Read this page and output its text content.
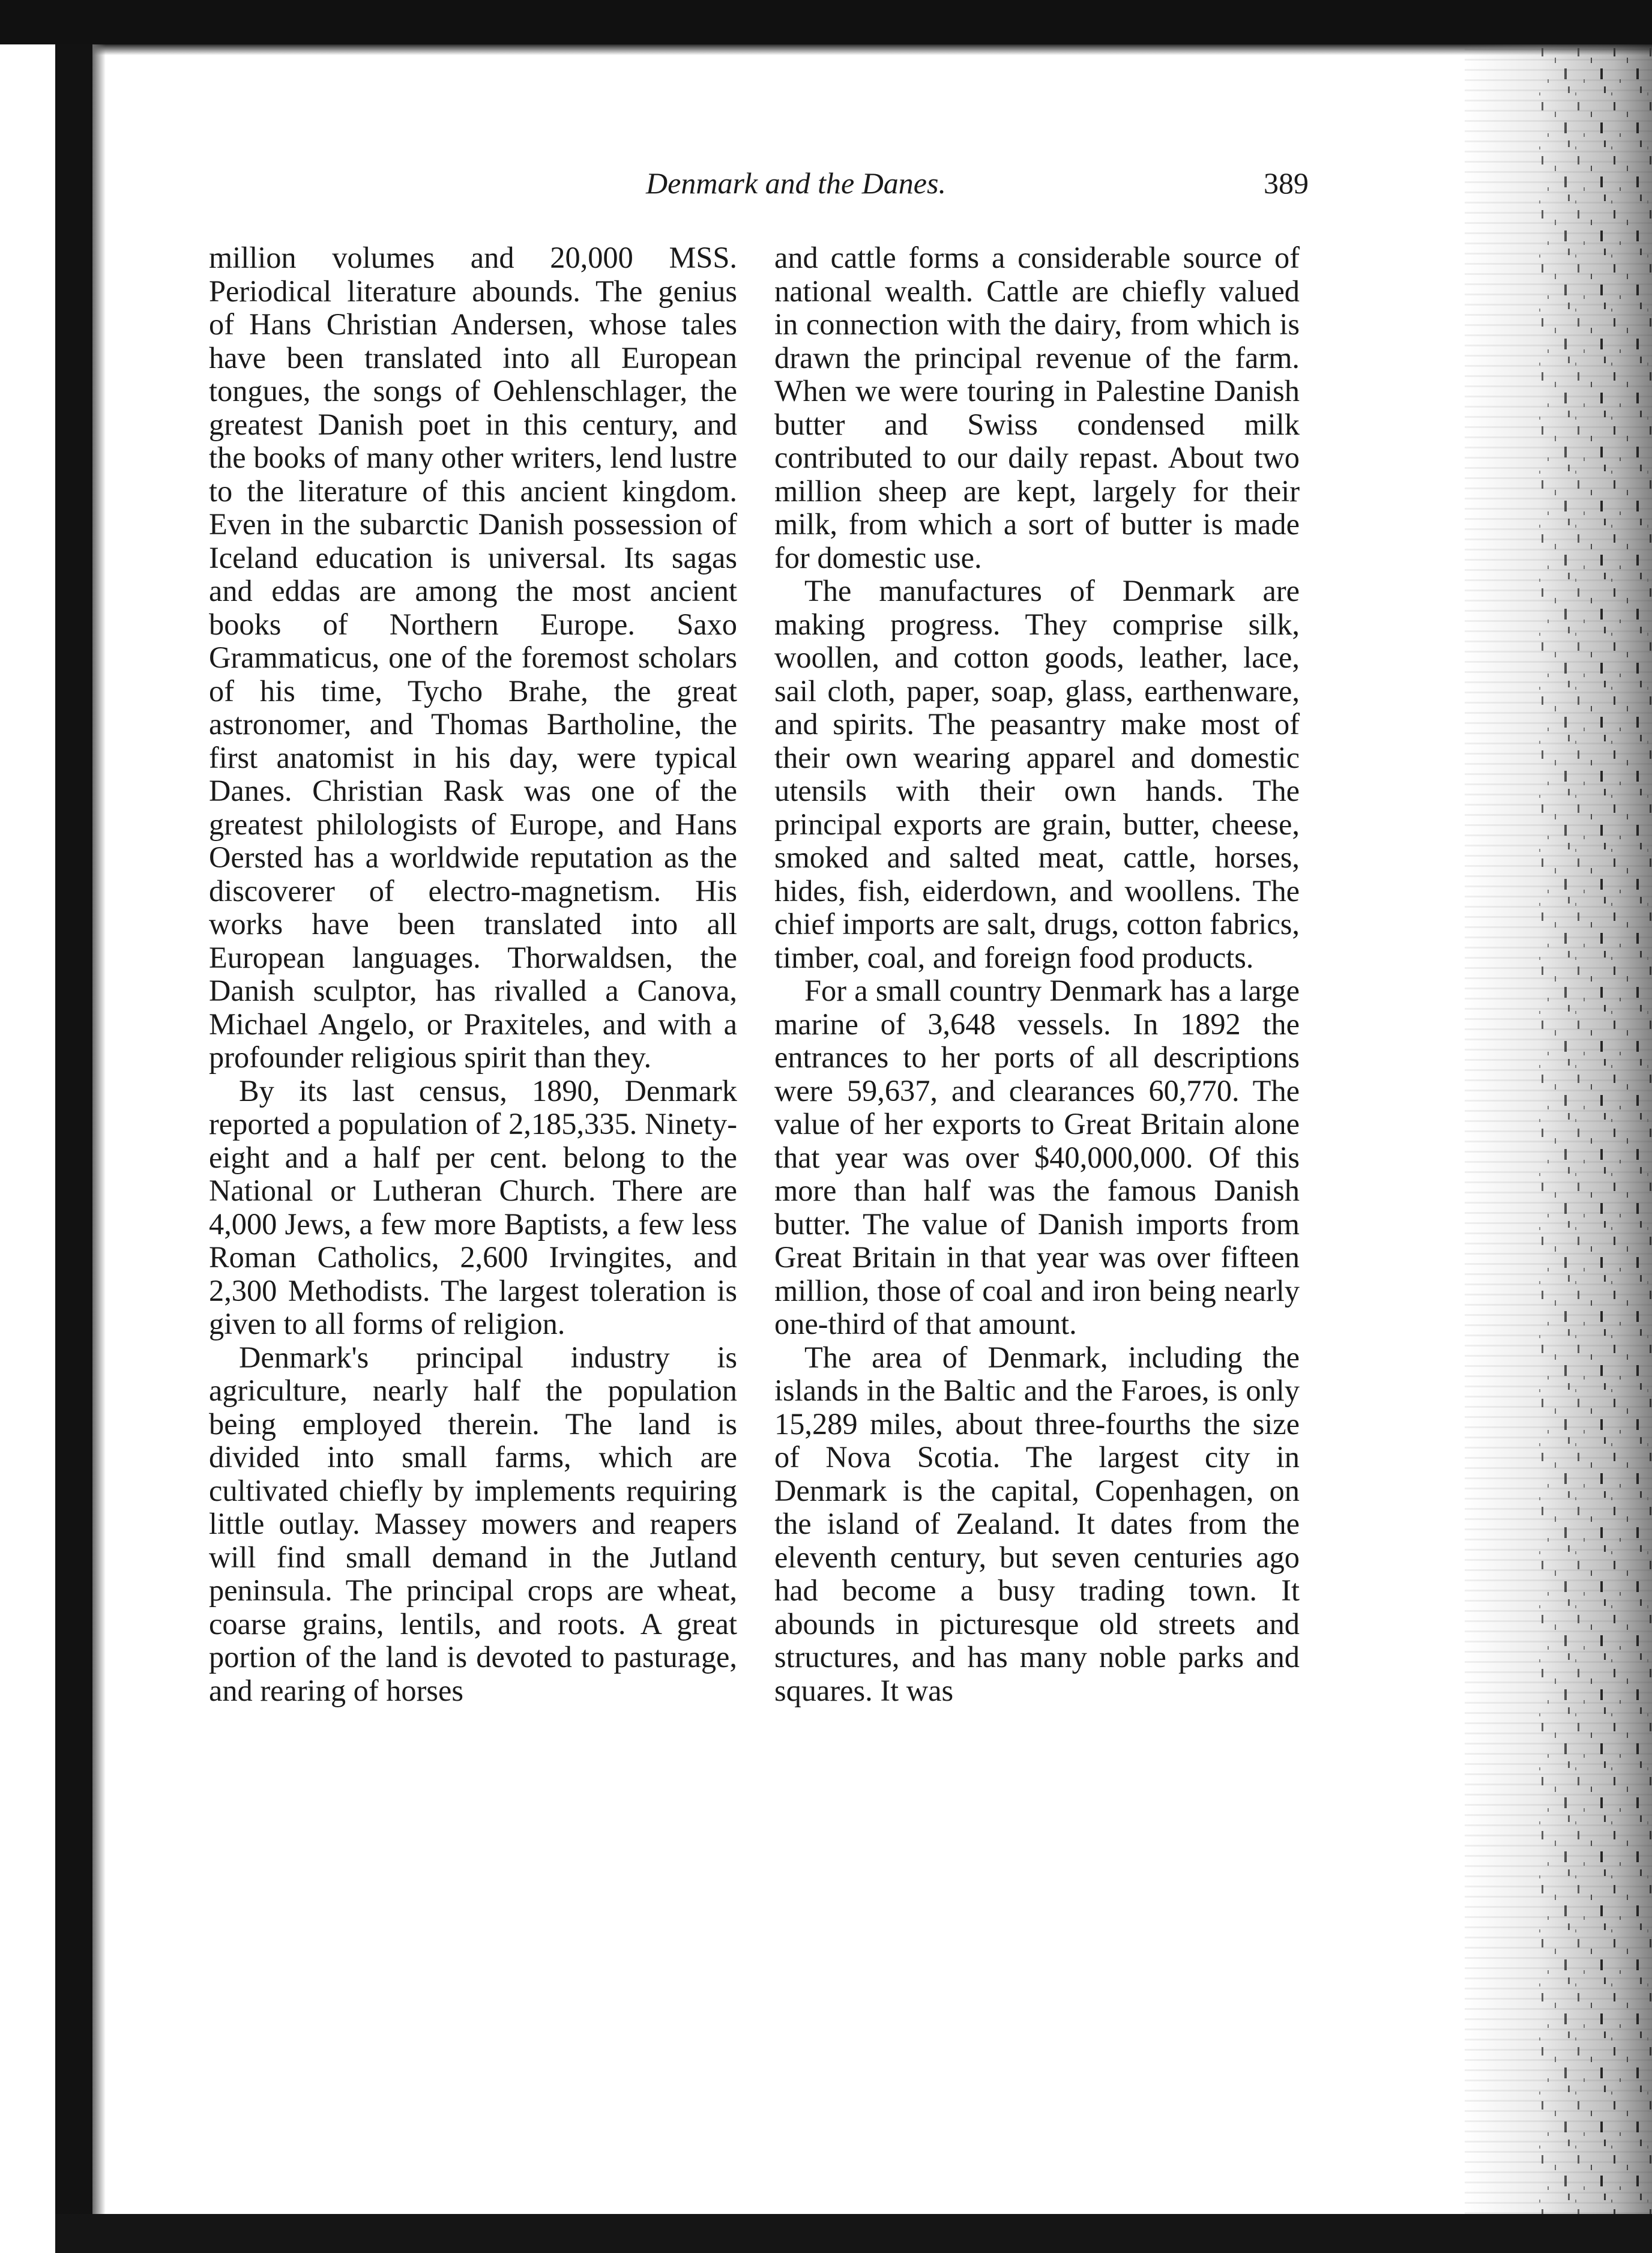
Denmark and the Danes.	389

million volumes and 20,000 MSS. Periodical literature abounds. The genius of Hans Christian Andersen, whose tales have been translated into all European tongues, the songs of Oehlenschlager, the greatest Danish poet in this century, and the books of many other writers, lend lustre to the literature of this ancient kingdom. Even in the subarctic Danish possession of Iceland education is universal. Its sagas and eddas are among the most ancient books of Northern Europe. Saxo Grammaticus, one of the foremost scholars of his time, Tycho Brahe, the great astronomer, and Thomas Bartholine, the first anatomist in his day, were typical Danes. Christian Rask was one of the greatest philologists of Europe, and Hans Oersted has a worldwide reputation as the discoverer of electro-magnetism. His works have been translated into all European languages. Thorwaldsen, the Danish sculptor, has rivalled a Canova, Michael Angelo, or Praxiteles, and with a profounder religious spirit than they.

By its last census, 1890, Denmark reported a population of 2,185,335. Ninety-eight and a half per cent. belong to the National or Lutheran Church. There are 4,000 Jews, a few more Baptists, a few less Roman Catholics, 2,600 Irvingites, and 2,300 Methodists. The largest toleration is given to all forms of religion.

Denmark's principal industry is agriculture, nearly half the population being employed therein. The land is divided into small farms, which are cultivated chiefly by implements requiring little outlay. Massey mowers and reapers will find small demand in the Jutland peninsula. The principal crops are wheat, coarse grains, lentils, and roots. A great portion of the land is devoted to pasturage, and rearing of horses

and cattle forms a considerable source of national wealth. Cattle are chiefly valued in connection with the dairy, from which is drawn the principal revenue of the farm. When we were touring in Palestine Danish butter and Swiss condensed milk contributed to our daily repast. About two million sheep are kept, largely for their milk, from which a sort of butter is made for domestic use.

The manufactures of Denmark are making progress. They comprise silk, woollen, and cotton goods, leather, lace, sail cloth, paper, soap, glass, earthenware, and spirits. The peasantry make most of their own wearing apparel and domestic utensils with their own hands. The principal exports are grain, butter, cheese, smoked and salted meat, cattle, horses, hides, fish, eiderdown, and woollens. The chief imports are salt, drugs, cotton fabrics, timber, coal, and foreign food products.

For a small country Denmark has a large marine of 3,648 vessels. In 1892 the entrances to her ports of all descriptions were 59,637, and clearances 60,770. The value of her exports to Great Britain alone that year was over $40,000,000. Of this more than half was the famous Danish butter. The value of Danish imports from Great Britain in that year was over fifteen million, those of coal and iron being nearly one-third of that amount.

The area of Denmark, including the islands in the Baltic and the Faroes, is only 15,289 miles, about three-fourths the size of Nova Scotia. The largest city in Denmark is the capital, Copenhagen, on the island of Zealand. It dates from the eleventh century, but seven centuries ago had become a busy trading town. It abounds in picturesque old streets and structures, and has many noble parks and squares. It was
